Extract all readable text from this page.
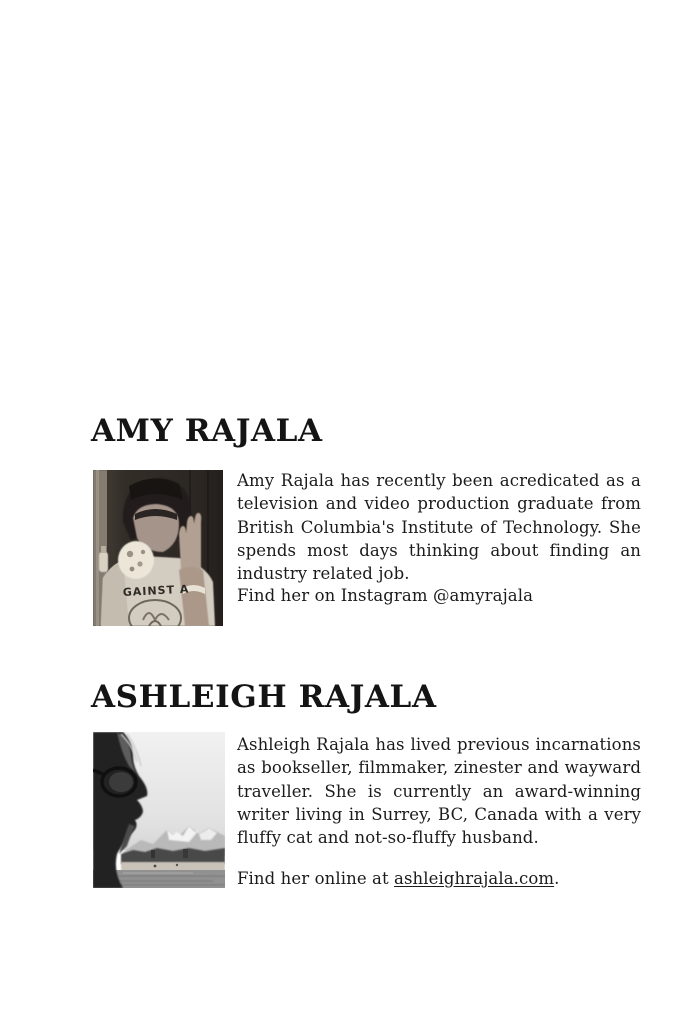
AMY RAJALA
GAINST A

Amy Rajala has recently been acredicated as a television and video production graduate from British Columbia's Institute of Technology. She spends most days thinking about finding an industry related job.

Find her on Instagram @amyrajala

ASHLEIGH RAJALA

Ashleigh Rajala has lived previous incarnations as bookseller, filmmaker, zinester and wayward traveller. She is currently an award-winning writer living in Surrey, BC, Canada with a very fluffy cat and not-so-fluffy husband.

Find her online at ashleighrajala.com.
